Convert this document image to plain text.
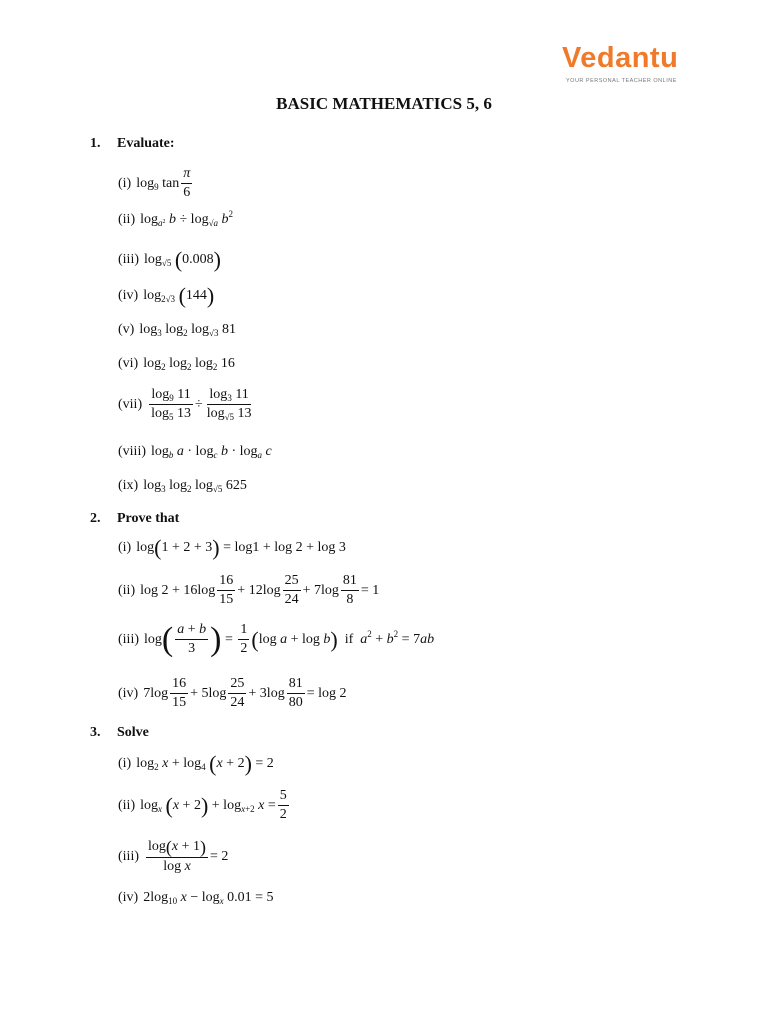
Vedantu
YOUR PERSONAL TEACHER ONLINE
BASIC MATHEMATICS 5, 6
1. Evaluate:
(i) $\log_9 \tan \frac{\pi}{6}$
(ii) $\log_{a^2} b \div \log_{√a} b^2$
(iii) $\log_{√5} (0.008)$
(iv) $\log_{2√3} (144)$
(v) $\log_3 \log_2 \log_{√3} 81$
(vi) $\log_2 \log_2 \log_2 16$
$(vii) \frac{\log_9 11}{\log_5 13} \div \frac{\log_3 11}{\log_{√5} 13}$
(viii) $\log_b a \cdot \log_c b \cdot \log_a c$
(ix) $\log_3 \log_2 \log_{√5} 625$
2. Prove that
(i) log(1 + 2 + 3) = log1 + log 2 + log 3
(ii) $\log 2 + 16\log \frac{16}{15} + 12\log \frac{25}{24} + 7\log \frac{81}{8} = 1$
(iii) log ( $\frac{a + b}{3}$ ) = $\frac{1}{2} (\log$ a + log b) if $a^2 + b^2 = 7ab$
(iv) $7\log \frac{16}{15} + 5\log \frac{25}{24} + 3\log \frac{81}{80} = \log 2$
3. Solve
(i) $\log_2 x + \log_4 (x + 2) = 2$
(ii) $\log_x (x + 2) + \log_{x+2} x = \frac{5}{2}$
$(iii) \frac{\log(x + 1)}{\text{log x}} = 2$
(iv) $2\log_{10}$ $x - \log_x 0.01 = 5$
